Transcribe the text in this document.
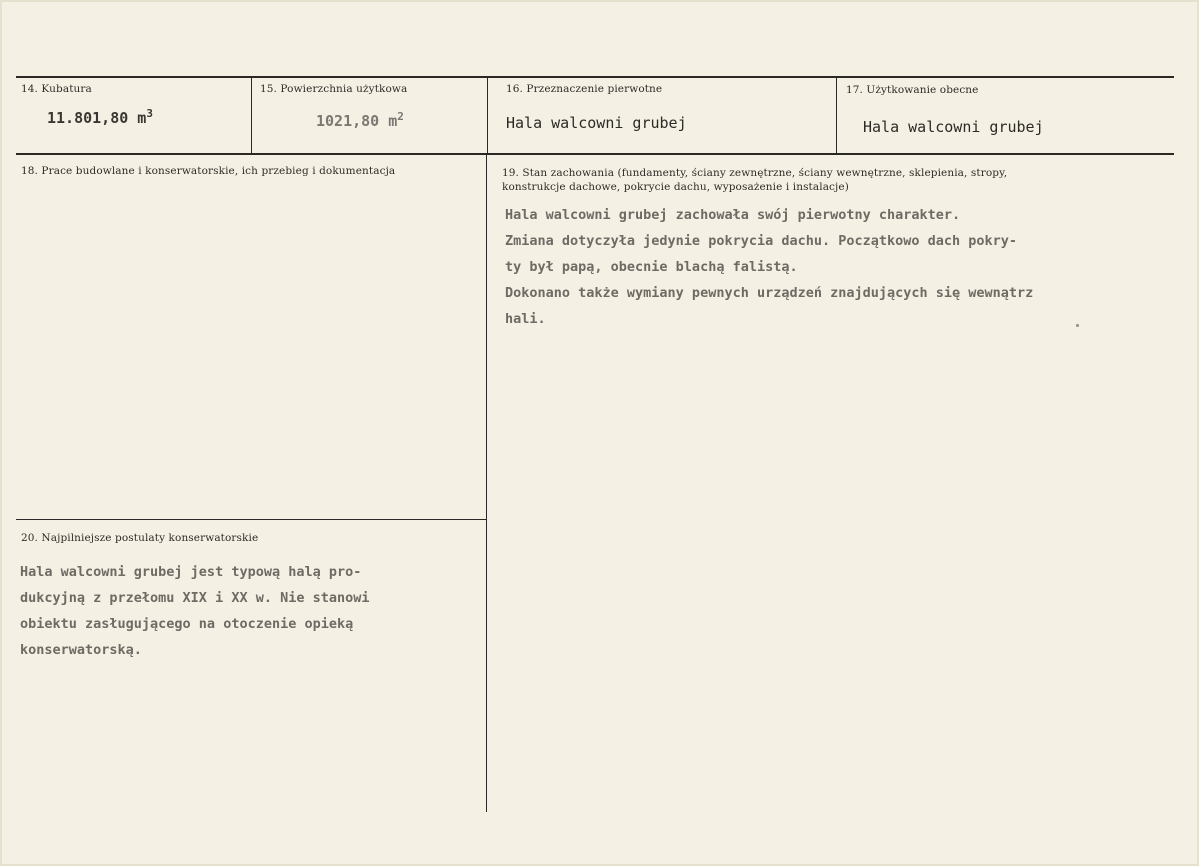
14. Kubatura
11.801,80 $m^3$
15. Powierzchnia użytkowa
1021,80 $m^2$
16. Przeznaczenie pierwotne
Hala walcowni grubej
17. Użytkowanie obecne
Hala walcowni grubej
18. Prace budowlane i konserwatorskie, ich przebieg i dokumentacja	19. Stan zachowania (fundamenty, ściany zewnętrzne, ściany wewnętrzne, sklepienia, stropy,
konstrukcje dachowe, pokrycie dachu, wyposażenie i instalacje)
Hala walcowni grubej zachowała swój pierwotny charakter.
Zmiana dotyczyła jedynie pokrycia dachu. Początkowo dach pokry-
ty był papą, obecnie blachą falistą.
Dokonano także wymiany pewnych urządzeń znajdujących się wewnątrz
hali.
20. Najpilniejsze postulaty konserwatorskie
Hala walcowni grubej jest typową halą pro-
dukcyjną z przełomu XIX i XX w. Nie stanowi
obiektu zasługującego na otoczenie opieką
konserwatorską.
